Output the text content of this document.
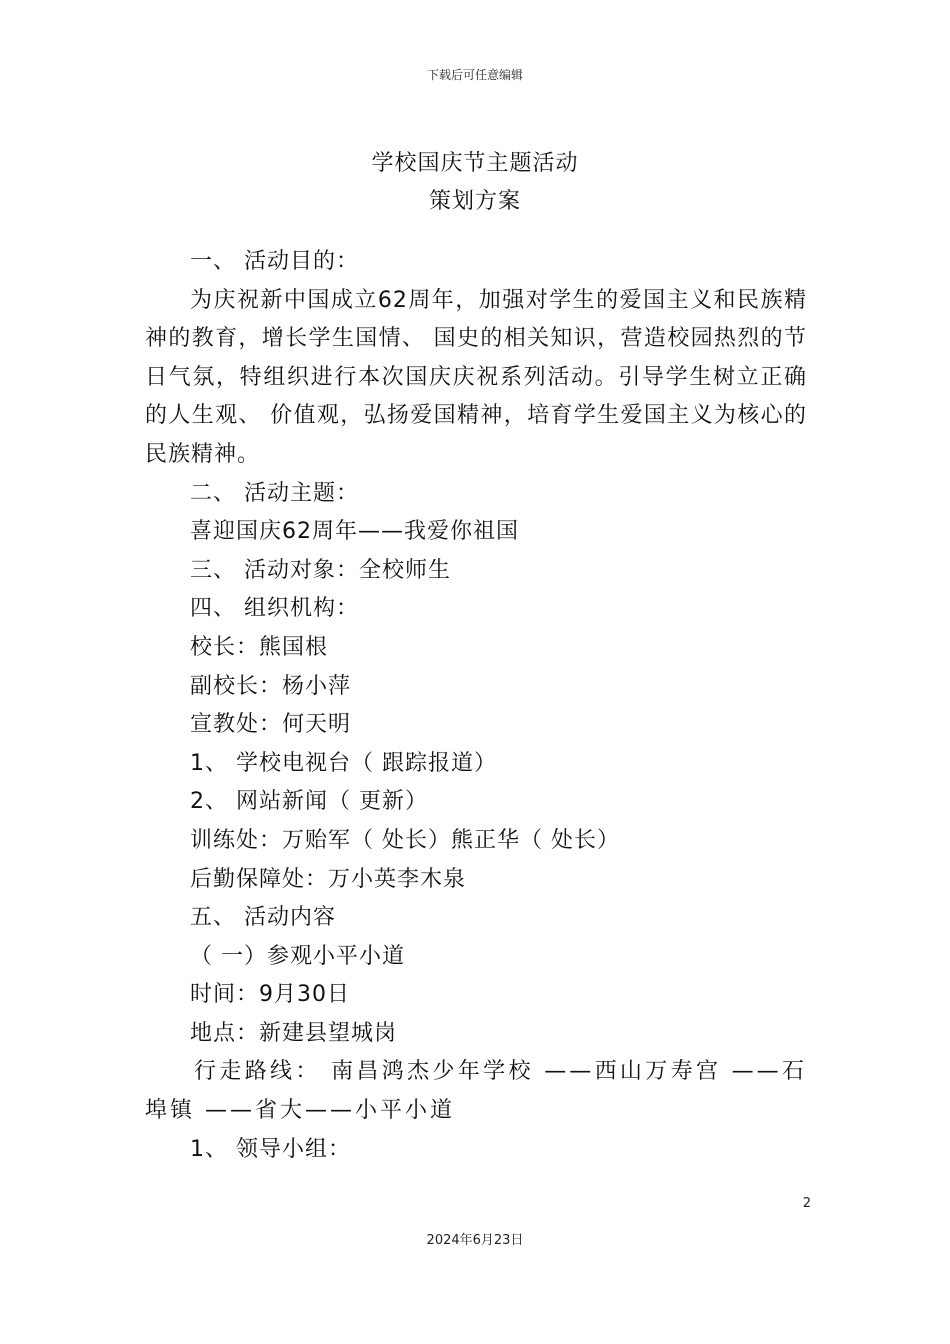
下载后可任意编辑
学校国庆节主题活动
策划方案

一、 活动目的：

为庆祝新中国成立62周年，加强对学生的爱国主义和民族精神的教育，增长学生国情、 国史的相关知识，营造校园热烈的节日气氛，特组织进行本次国庆庆祝系列活动。引导学生树立正确的人生观、 价值观，弘扬爱国精神，培育学生爱国主义为核心的民族精神。

二、 活动主题：

喜迎国庆62周年——我爱你祖国

三、 活动对象：全校师生

四、 组织机构：

校长：熊国根

副校长：杨小萍

宣教处：何天明

1、 学校电视台（ 跟踪报道）

2、 网站新闻（ 更新）

训练处：万贻军（ 处长）熊正华（ 处长）

后勤保障处：万小英李木泉

五、 活动内容

（ 一）参观小平小道

时间：9月30日

地点：新建县望城岗

行走路线： 南昌鸿杰少年学校 ——西山万寿宫 ——石埠镇 ——省大——小平小道

1、 领导小组：

2
2024年6月23日
